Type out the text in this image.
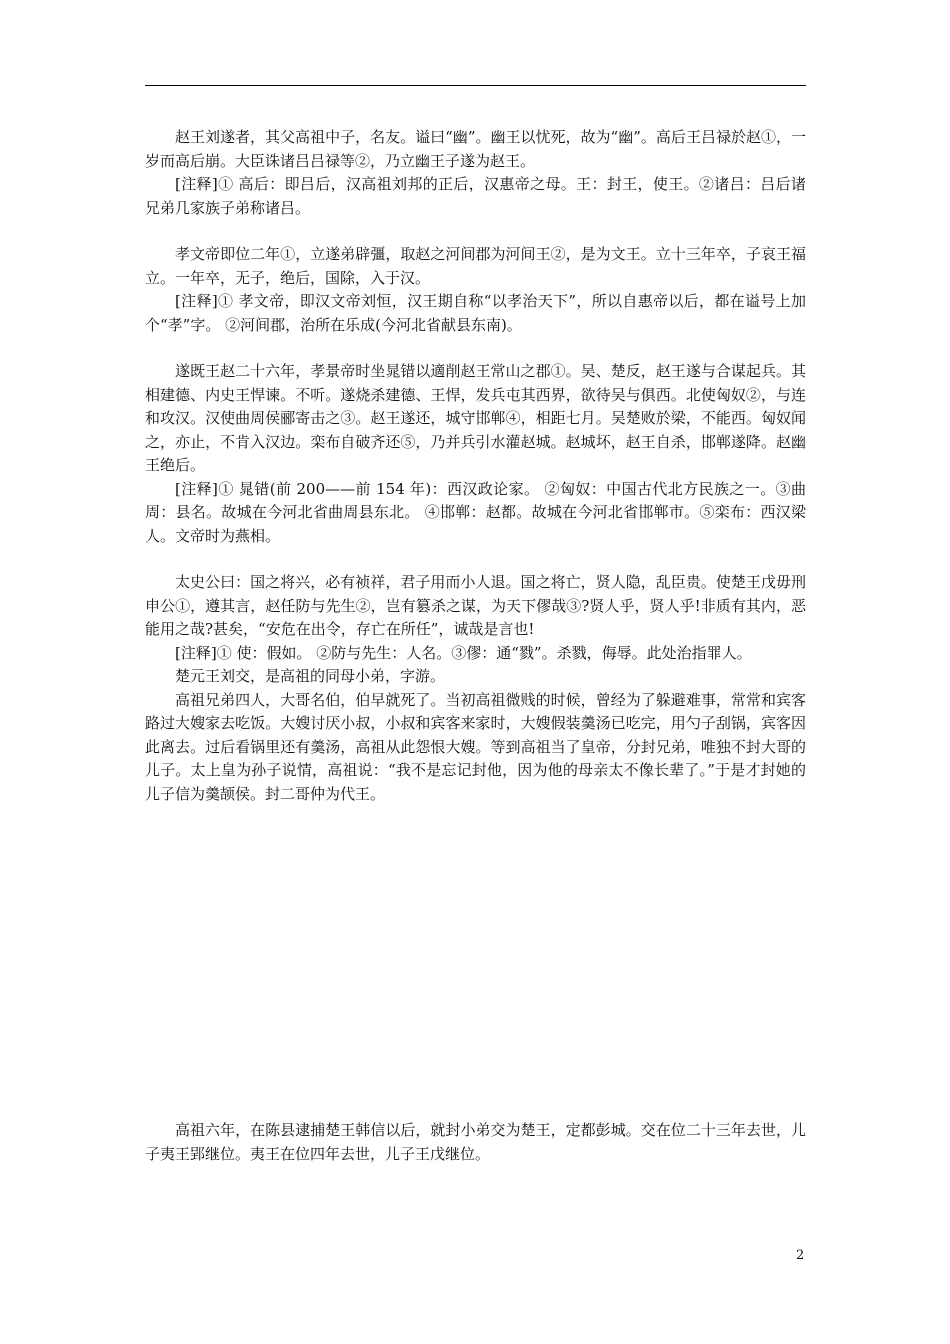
赵王刘遂者，其父高祖中子，名友。谥曰“幽”。幽王以忧死，故为“幽”。高后王吕禄於赵①，一岁而高后崩。大臣诛诸吕吕禄等②，乃立幽王子遂为赵王。

[注释]① 高后：即吕后，汉高祖刘邦的正后，汉惠帝之母。王：封王，使王。②诸吕：吕后诸兄弟几家族子弟称诸吕。

孝文帝即位二年①，立遂弟辟彊，取赵之河间郡为河间王②，是为文王。立十三年卒，子哀王福立。一年卒，无子，绝后，国除，入于汉。

[注释]① 孝文帝，即汉文帝刘恒，汉王期自称“以孝治天下”，所以自惠帝以后，都在谥号上加个“孝”字。 ②河间郡，治所在乐成(今河北省献县东南)。

遂既王赵二十六年，孝景帝时坐晁错以適削赵王常山之郡①。吴、楚反，赵王遂与合谋起兵。其相建德、内史王悍谏。不听。遂烧杀建德、王悍，发兵屯其西界，欲待吴与俱西。北使匈奴②，与连和攻汉。汉使曲周侯郦寄击之③。赵王遂还，城守邯郸④，相距七月。吴楚败於梁，不能西。匈奴闻之，亦止，不肯入汉边。栾布自破齐还⑤，乃并兵引水灌赵城。赵城坏，赵王自杀，邯郸遂降。赵幽王绝后。

[注释]① 晁错(前 200——前 154 年)：西汉政论家。 ②匈奴：中国古代北方民族之一。③曲周：县名。故城在今河北省曲周县东北。 ④邯郸：赵都。故城在今河北省邯郸市。⑤栾布：西汉梁人。文帝时为燕相。

太史公曰：国之将兴，必有祯祥，君子用而小人退。国之将亡，贤人隐，乱臣贵。使楚王戊毋刑申公①，遵其言，赵任防与先生②，岂有篡杀之谋，为天下僇哉③?贤人乎，贤人乎!非质有其内，恶能用之哉?甚矣，“安危在出令，存亡在所任”，诚哉是言也!

[注释]① 使：假如。 ②防与先生：人名。③僇：通“戮”。杀戮，侮辱。此处治指罪人。

楚元王刘交，是高祖的同母小弟，字游。

高祖兄弟四人，大哥名伯，伯早就死了。当初高祖微贱的时候，曾经为了躲避难事，常常和宾客路过大嫂家去吃饭。大嫂讨厌小叔，小叔和宾客来家时，大嫂假装羹汤已吃完，用勺子刮锅，宾客因此离去。过后看锅里还有羹汤，高祖从此怨恨大嫂。等到高祖当了皇帝，分封兄弟，唯独不封大哥的儿子。太上皇为孙子说情，高祖说：“我不是忘记封他，因为他的母亲太不像长辈了。”于是才封她的儿子信为羹颉侯。封二哥仲为代王。

高祖六年，在陈县逮捕楚王韩信以后，就封小弟交为楚王，定都彭城。交在位二十三年去世，儿子夷王郢继位。夷王在位四年去世，儿子王戊继位。

2
